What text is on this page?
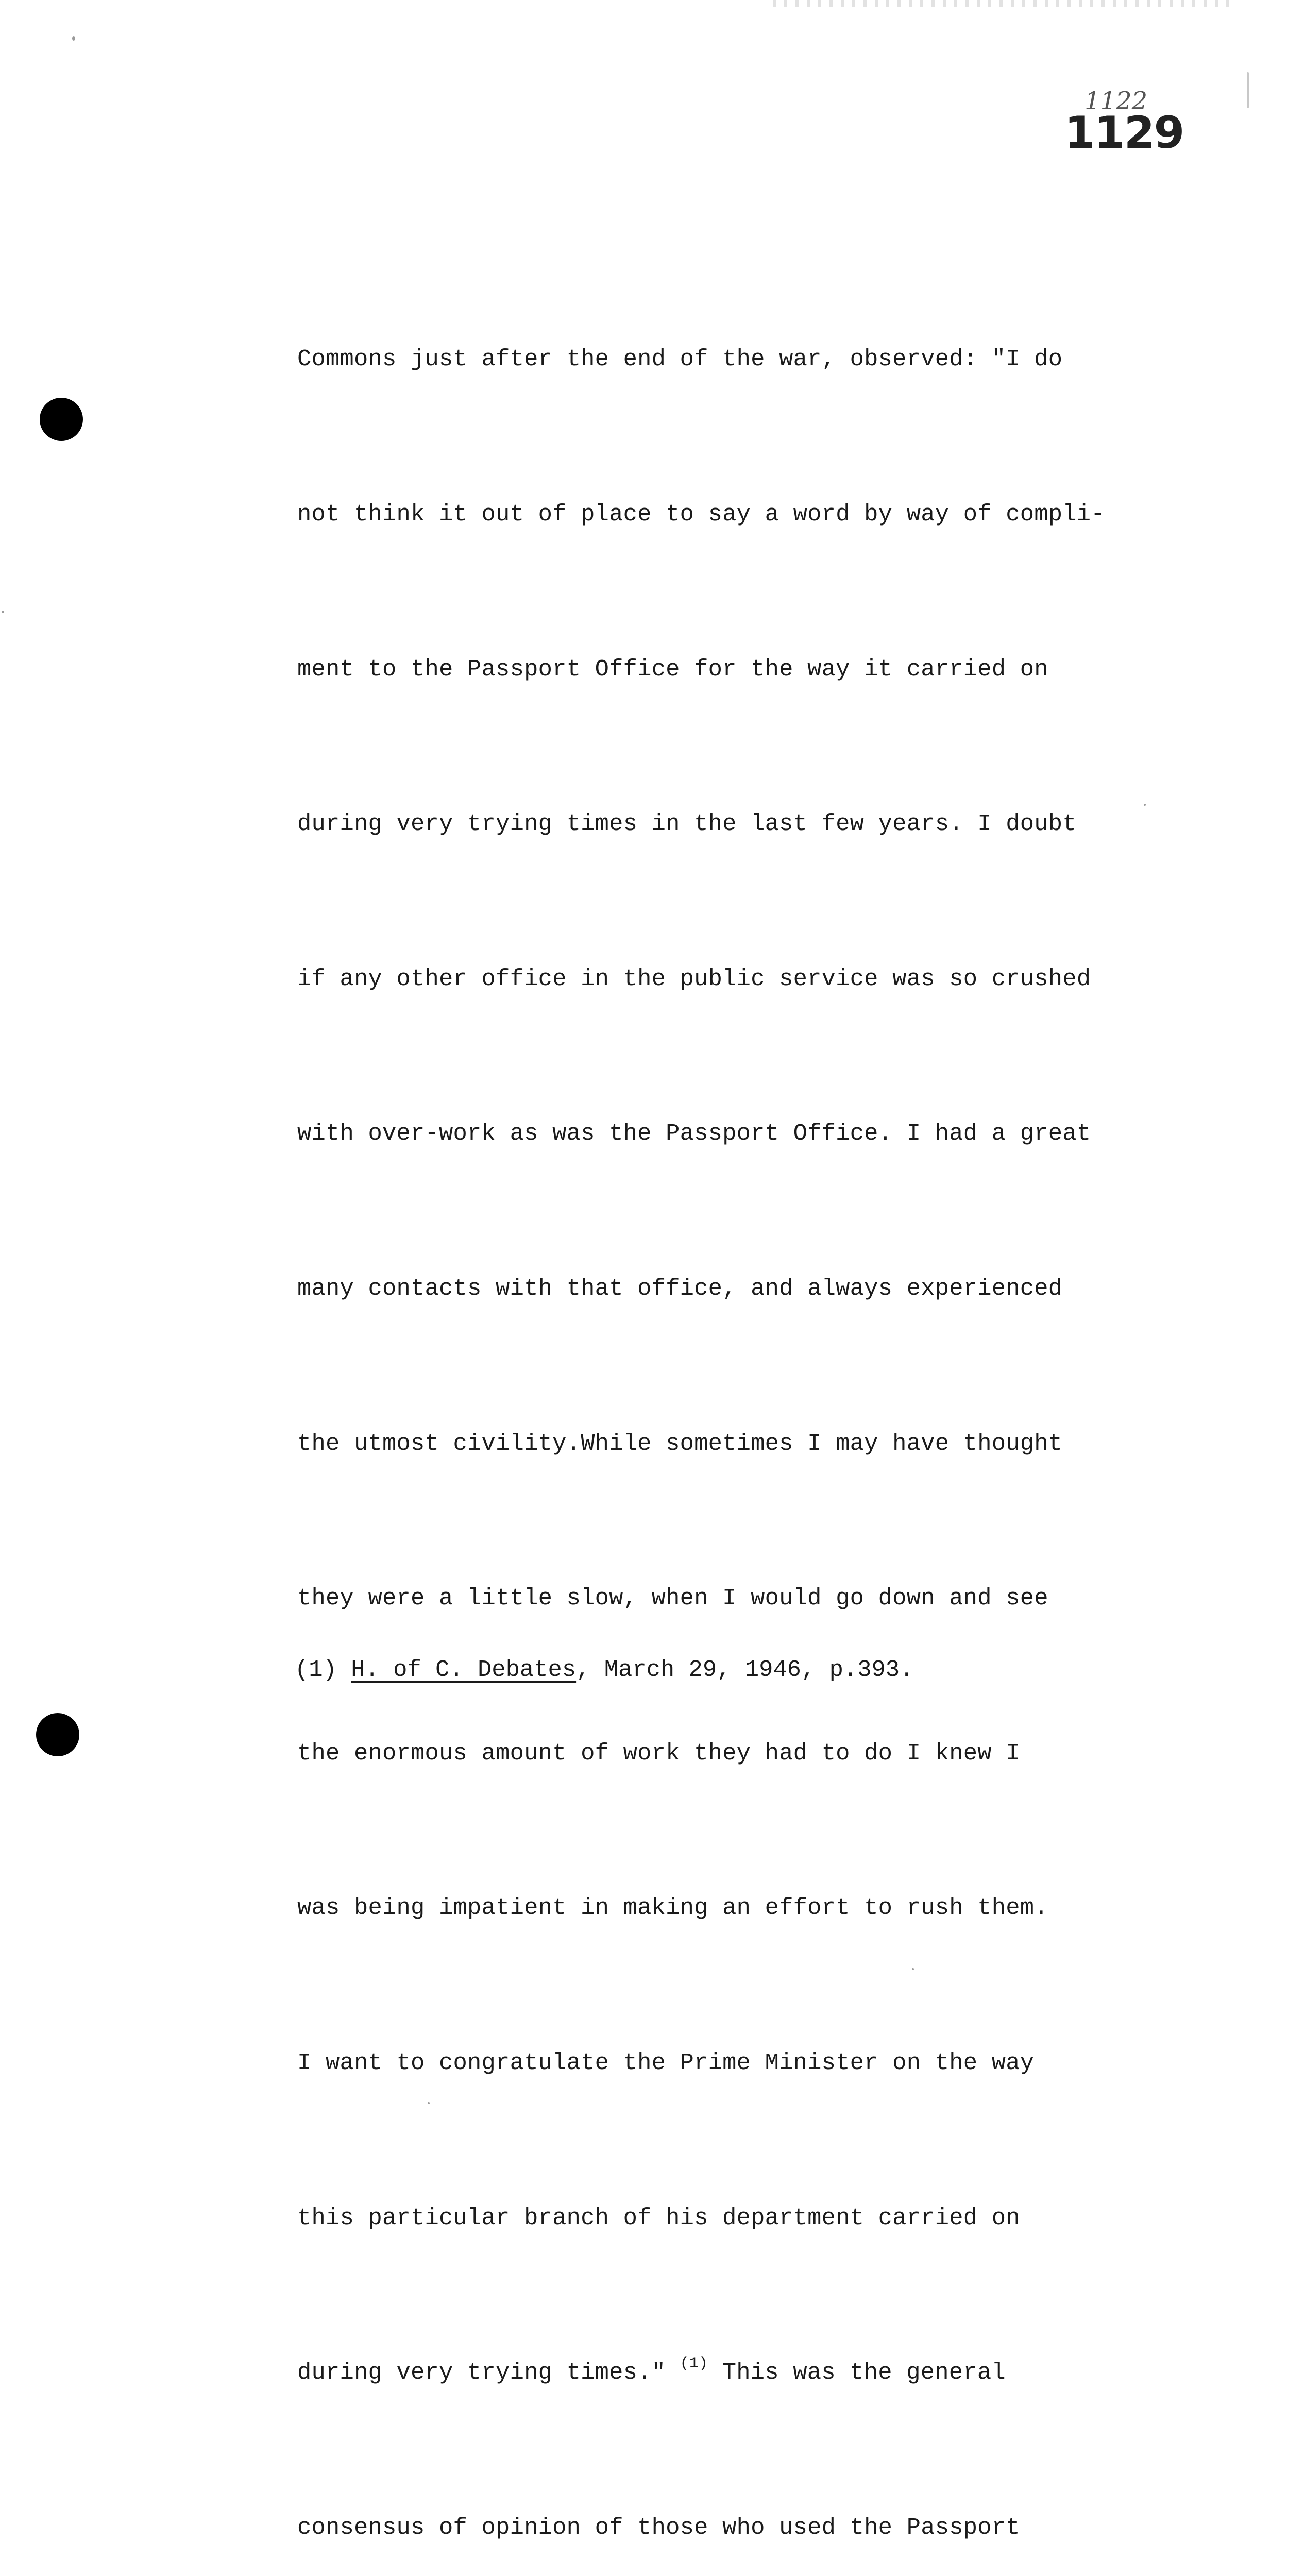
1122
1129

Commons just after the end of the war, observed: "I do

not think it out of place to say a word by way of compli-

ment to the Passport Office for the way it carried on

during very trying times in the last few years. I doubt

if any other office in the public service was so crushed

with over-work as was the Passport Office. I had a great

many contacts with that office, and always experienced

the utmost civility.While sometimes I may have thought

they were a little slow, when I would go down and see

the enormous amount of work they had to do I knew I

was being impatient in making an effort to rush them.

I want to congratulate the Prime Minister on the way

this particular branch of his department carried on

during very trying times." $^{(1)}$ This was the general

consensus of opinion of those who used the Passport

(1) H. of C. Debates, March 29, 1946, p.393.
